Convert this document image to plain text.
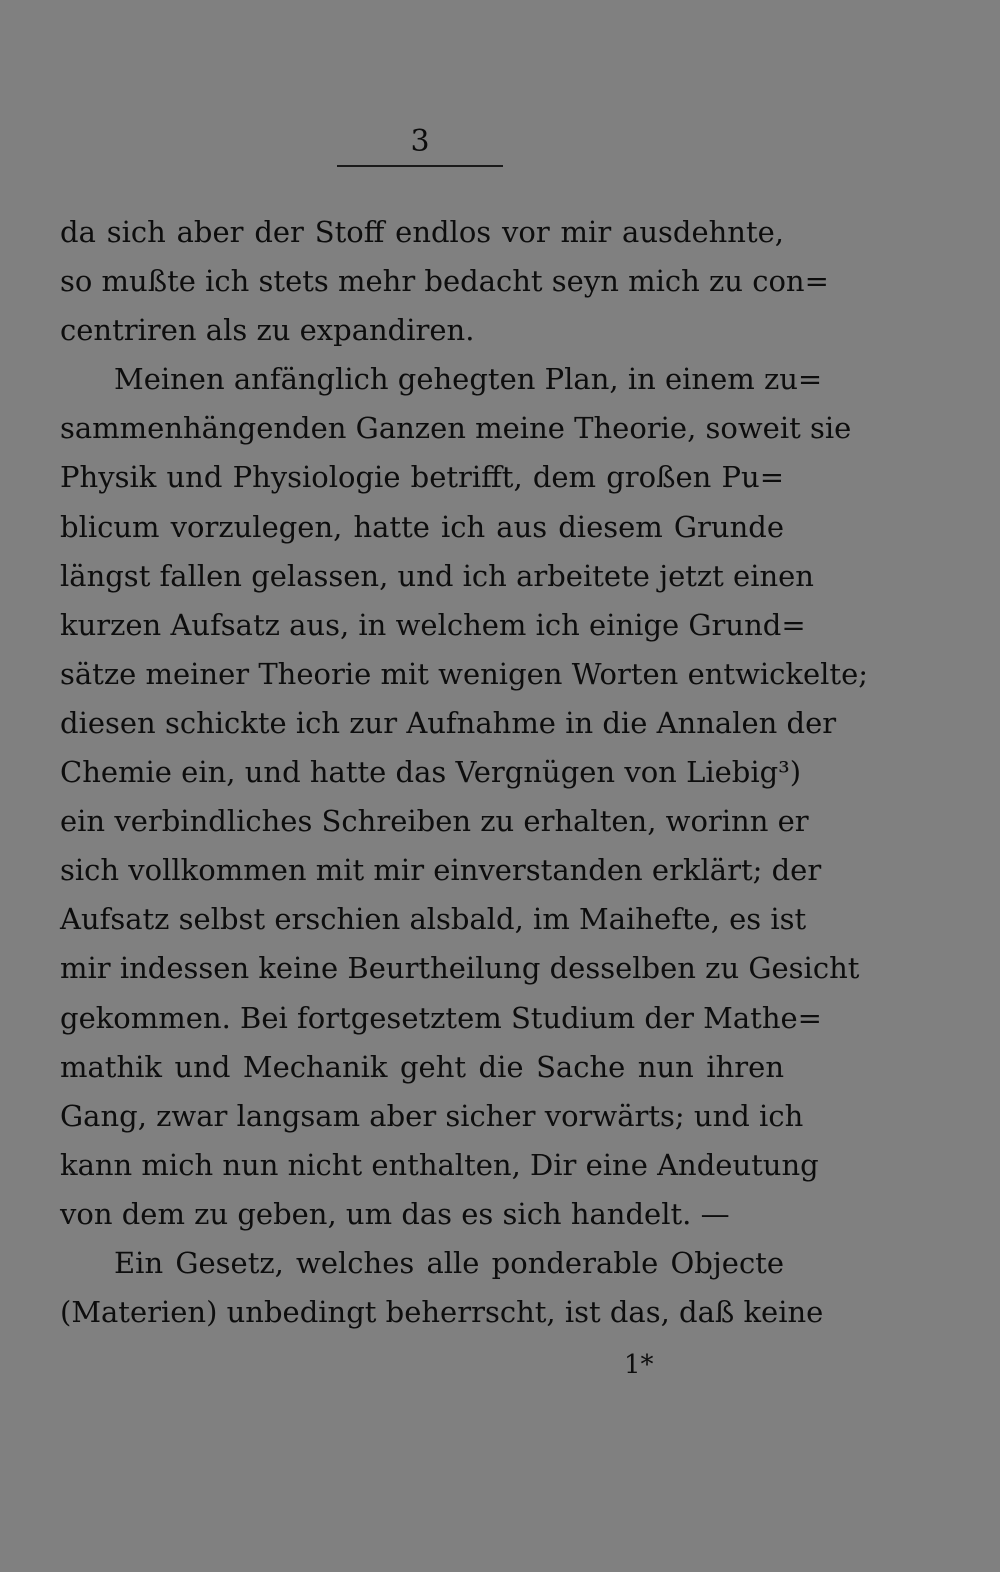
3
da sich aber der Stoff endlos vor mir ausdehnte,
so mußte ich stets mehr bedacht seyn mich zu con=
centriren als zu expandiren.
Meinen anfänglich gehegten Plan, in einem zu=
sammenhängenden Ganzen meine Theorie, soweit sie
Physik und Physiologie betrifft, dem großen Pu=
blicum vorzulegen, hatte ich aus diesem Grunde
längst fallen gelassen, und ich arbeitete jetzt einen
kurzen Aufsatz aus, in welchem ich einige Grund=
sätze meiner Theorie mit wenigen Worten entwickelte;
diesen schickte ich zur Aufnahme in die Annalen der
Chemie ein, und hatte das Vergnügen von Liebig³)
ein verbindliches Schreiben zu erhalten, worinn er
sich vollkommen mit mir einverstanden erklärt; der
Aufsatz selbst erschien alsbald, im Maihefte, es ist
mir indessen keine Beurtheilung desselben zu Gesicht
gekommen. Bei fortgesetztem Studium der Mathe=
mathik und Mechanik geht die Sache nun ihren
Gang, zwar langsam aber sicher vorwärts; und ich
kann mich nun nicht enthalten, Dir eine Andeutung
von dem zu geben, um das es sich handelt. —
Ein Gesetz, welches alle ponderable Objecte
(Materien) unbedingt beherrscht, ist das, daß keine
1*
